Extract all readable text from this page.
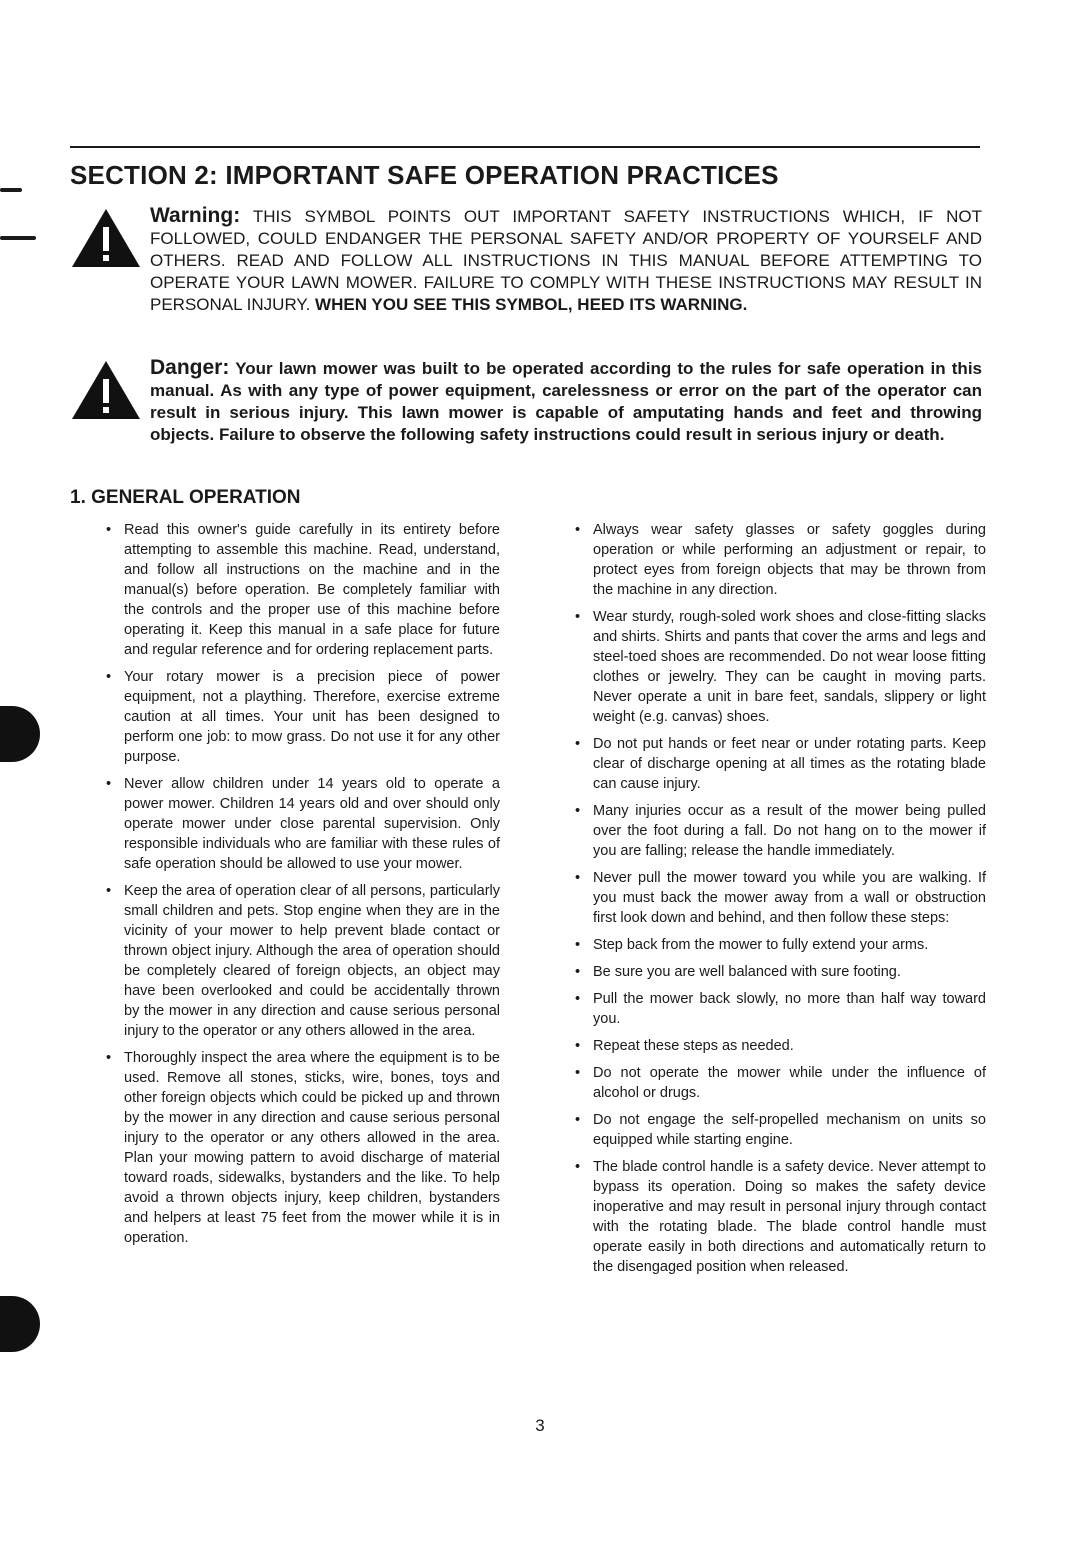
SECTION 2: IMPORTANT SAFE OPERATION PRACTICES

Warning: THIS SYMBOL POINTS OUT IMPORTANT SAFETY INSTRUCTIONS WHICH, IF NOT FOLLOWED, COULD ENDANGER THE PERSONAL SAFETY AND/OR PROPERTY OF YOURSELF AND OTHERS. READ AND FOLLOW ALL INSTRUCTIONS IN THIS MANUAL BEFORE ATTEMPTING TO OPERATE YOUR LAWN MOWER. FAILURE TO COMPLY WITH THESE INSTRUCTIONS MAY RESULT IN PERSONAL INJURY. WHEN YOU SEE THIS SYMBOL, HEED ITS WARNING.

Danger: Your lawn mower was built to be operated according to the rules for safe operation in this manual. As with any type of power equipment, carelessness or error on the part of the operator can result in serious injury. This lawn mower is capable of amputating hands and feet and throwing objects. Failure to observe the following safety instructions could result in serious injury or death.

1. GENERAL OPERATION
• Read this owner's guide carefully in its entirety before attempting to assemble this machine. Read, understand, and follow all instructions on the machine and in the manual(s) before operation. Be completely familiar with the controls and the proper use of this machine before operating it. Keep this manual in a safe place for future and regular reference and for ordering replacement parts.
• Your rotary mower is a precision piece of power equipment, not a plaything. Therefore, exercise extreme caution at all times. Your unit has been designed to perform one job: to mow grass. Do not use it for any other purpose.
• Never allow children under 14 years old to operate a power mower. Children 14 years old and over should only operate mower under close parental supervision. Only responsible individuals who are familiar with these rules of safe operation should be allowed to use your mower.
• Keep the area of operation clear of all persons, particularly small children and pets. Stop engine when they are in the vicinity of your mower to help prevent blade contact or thrown object injury. Although the area of operation should be completely cleared of foreign objects, an object may have been overlooked and could be accidentally thrown by the mower in any direction and cause serious personal injury to the operator or any others allowed in the area.
• Thoroughly inspect the area where the equipment is to be used. Remove all stones, sticks, wire, bones, toys and other foreign objects which could be picked up and thrown by the mower in any direction and cause serious personal injury to the operator or any others allowed in the area. Plan your mowing pattern to avoid discharge of material toward roads, sidewalks, bystanders and the like. To help avoid a thrown objects injury, keep children, bystanders and helpers at least 75 feet from the mower while it is in operation.
• Always wear safety glasses or safety goggles during operation or while performing an adjustment or repair, to protect eyes from foreign objects that may be thrown from the machine in any direction.
• Wear sturdy, rough-soled work shoes and close-fitting slacks and shirts. Shirts and pants that cover the arms and legs and steel-toed shoes are recommended. Do not wear loose fitting clothes or jewelry. They can be caught in moving parts. Never operate a unit in bare feet, sandals, slippery or light weight (e.g. canvas) shoes.
• Do not put hands or feet near or under rotating parts. Keep clear of discharge opening at all times as the rotating blade can cause injury.
• Many injuries occur as a result of the mower being pulled over the foot during a fall. Do not hang on to the mower if you are falling; release the handle immediately.
• Never pull the mower toward you while you are walking. If you must back the mower away from a wall or obstruction first look down and behind, and then follow these steps:
• Step back from the mower to fully extend your arms.
• Be sure you are well balanced with sure footing.
• Pull the mower back slowly, no more than half way toward you.
• Repeat these steps as needed.
• Do not operate the mower while under the influence of alcohol or drugs.
• Do not engage the self-propelled mechanism on units so equipped while starting engine.
• The blade control handle is a safety device. Never attempt to bypass its operation. Doing so makes the safety device inoperative and may result in personal injury through contact with the rotating blade. The blade control handle must operate easily in both directions and automatically return to the disengaged position when released.
3
